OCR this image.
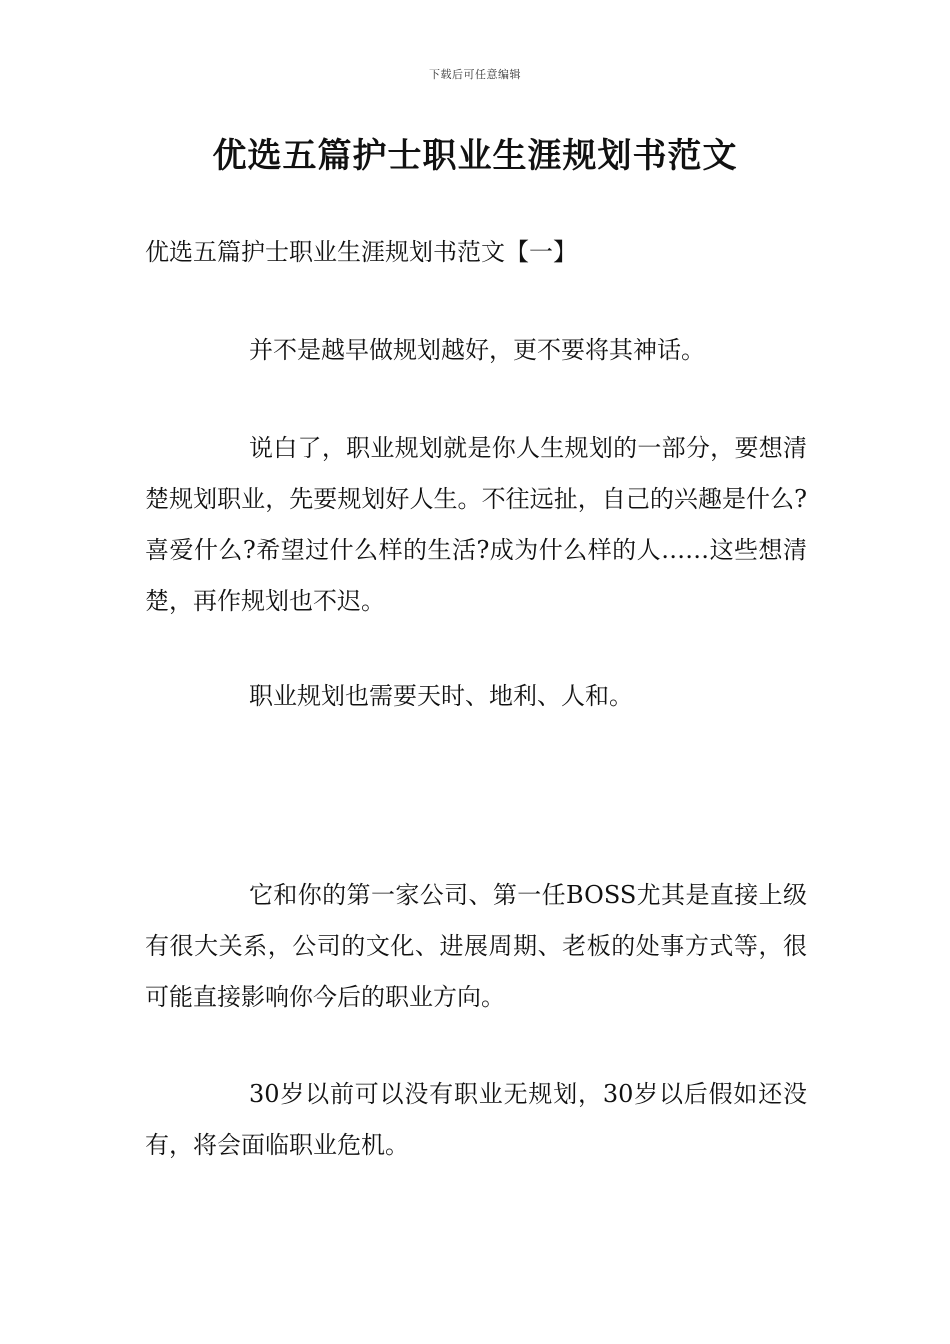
下载后可任意编辑
优选五篇护士职业生涯规划书范文
优选五篇护士职业生涯规划书范文【一】

并不是越早做规划越好，更不要将其神话。

说白了，职业规划就是你人生规划的一部分，要想清楚规划职业，先要规划好人生。不往远扯，自己的兴趣是什么?喜爱什么?希望过什么样的生活?成为什么样的人……这些想清楚，再作规划也不迟。

职业规划也需要天时、地利、人和。

它和你的第一家公司、第一任BOSS尤其是直接上级有很大关系，公司的文化、进展周期、老板的处事方式等，很可能直接影响你今后的职业方向。

30岁以前可以没有职业无规划，30岁以后假如还没有，将会面临职业危机。
